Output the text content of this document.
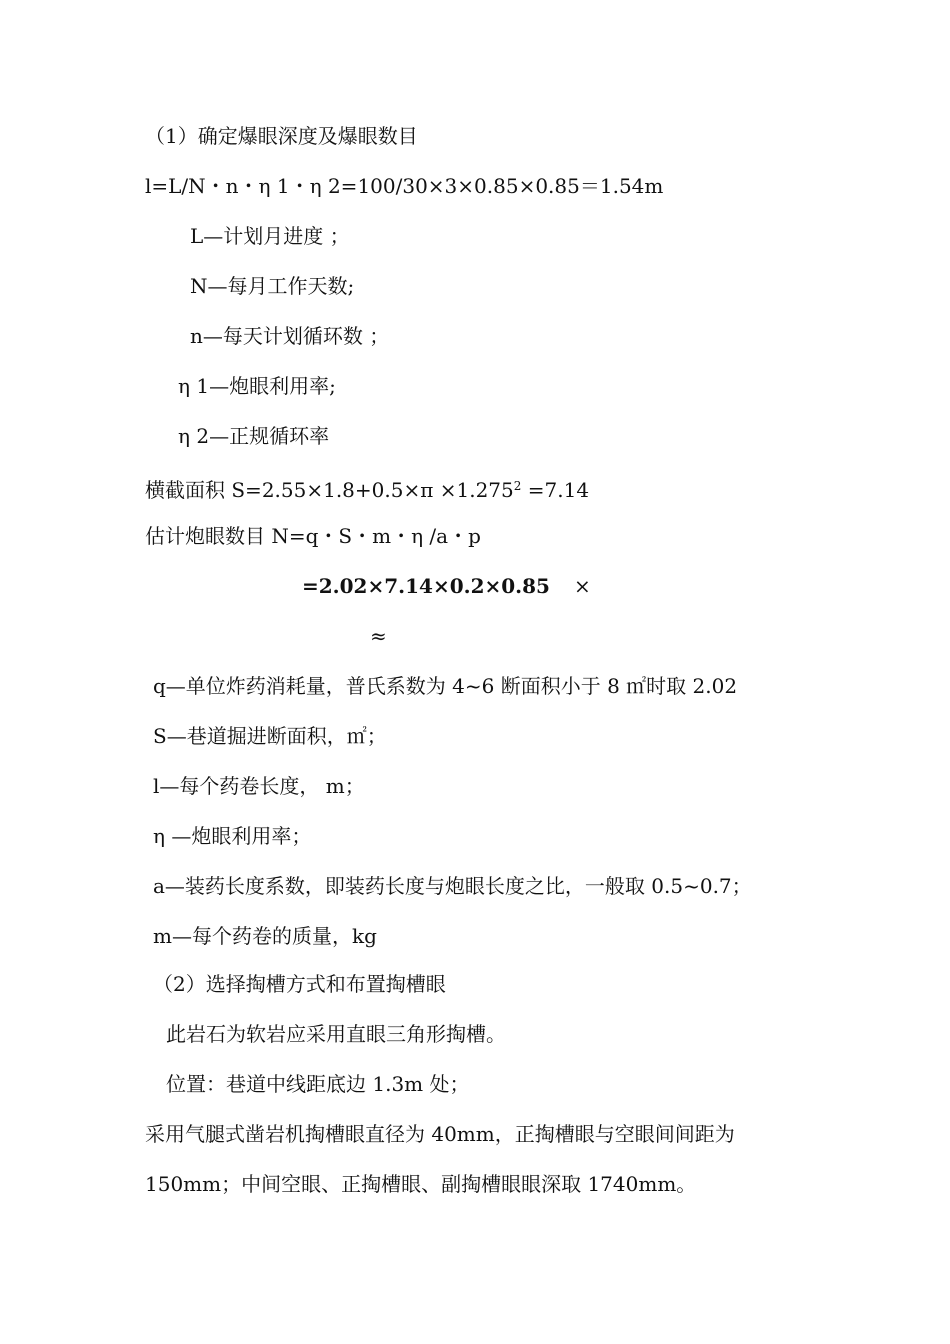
（1）确定爆眼深度及爆眼数目
l=L/N・n・η 1・η 2=100/30×3×0.85×0.85＝1.54m
L—计划月进度 ；
N—每月工作天数;
n—每天计划循环数 ；
η 1—炮眼利用率;
η 2—正规循环率
横截面积 $S=2.55\times 1.8+0.5\times\pi \times 1.275^2 =7.14$
估计炮眼数目 N=q・S・m・η /a・p
=2.02×7.14×0.2×0.85 ×
≈
q—单位炸药消耗量，普氏系数为 4~6 断面积小于 8 ㎡时取 2.02
S—巷道掘进断面积，㎡；
l—每个药卷长度， m；
η —炮眼利用率；
a—装药长度系数，即装药长度与炮眼长度之比，一般取 0.5~0.7；
m—每个药卷的质量，kg
（2）选择掏槽方式和布置掏槽眼
此岩石为软岩应采用直眼三角形掏槽。
位置：巷道中线距底边 1.3m 处；
采用气腿式凿岩机掏槽眼直径为 40mm，正掏槽眼与空眼间间距为
150mm；中间空眼、正掏槽眼、副掏槽眼眼深取 1740mm。
